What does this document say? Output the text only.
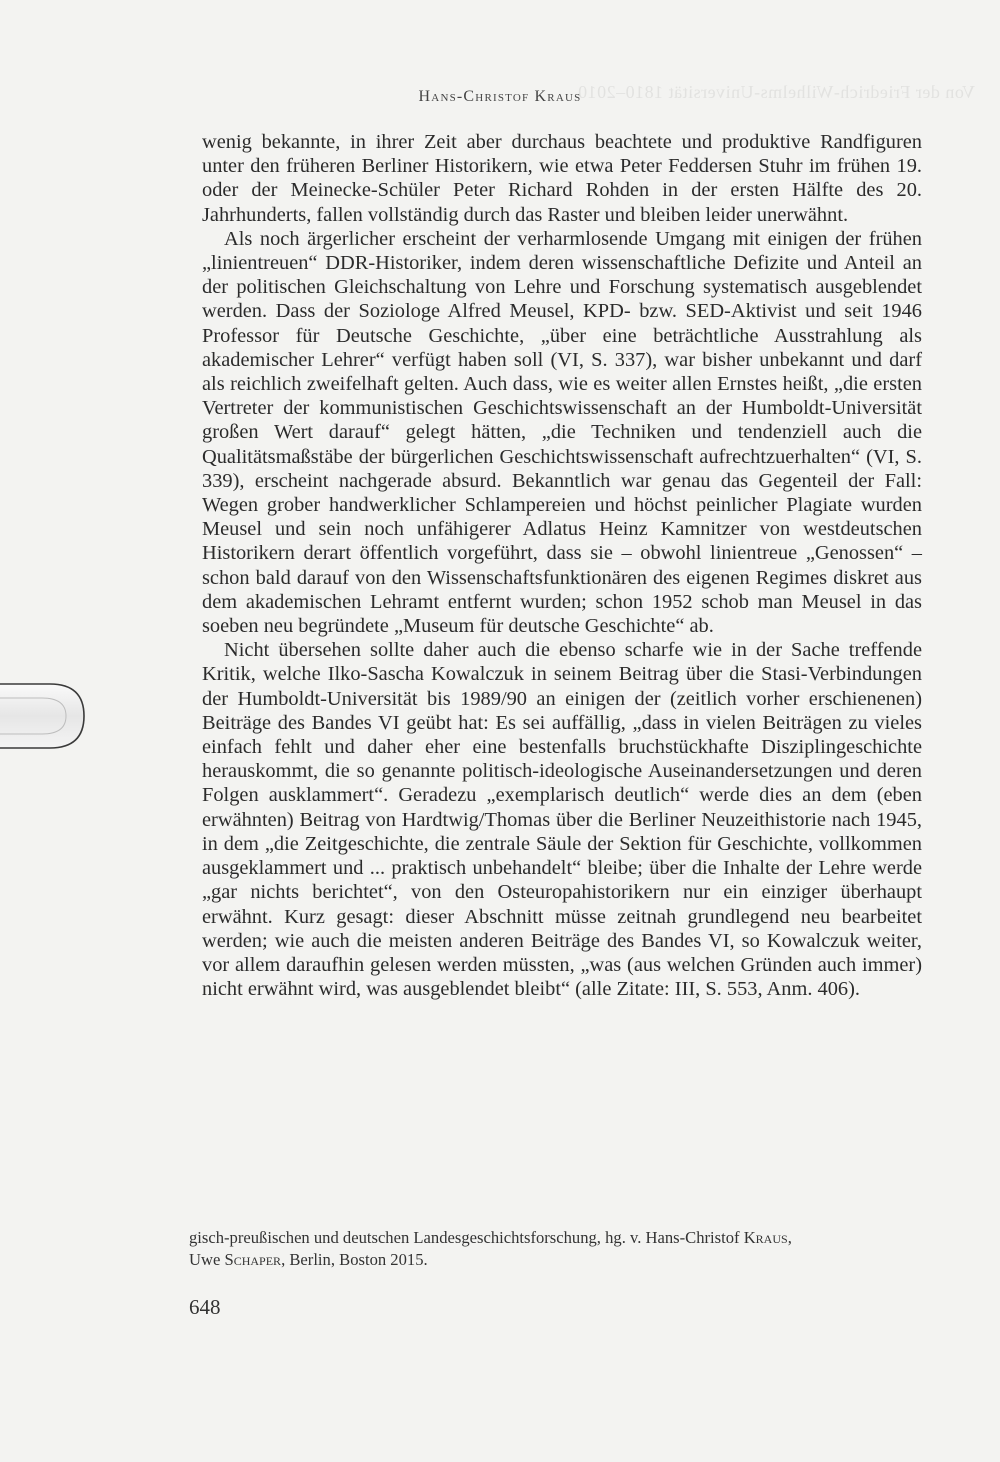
Von der Friedrich-Wilhelms-Universität 1810–2010
Hans-Christof Kraus

wenig bekannte, in ihrer Zeit aber durchaus beachtete und produktive Randfiguren unter den früheren Berliner Historikern, wie etwa Peter Feddersen Stuhr im frühen 19. oder der Meinecke-Schüler Peter Richard Rohden in der ersten Hälfte des 20. Jahrhunderts, fallen vollständig durch das Raster und bleiben leider unerwähnt.

Als noch ärgerlicher erscheint der verharmlosende Umgang mit einigen der frühen „linientreuen“ DDR-Historiker, indem deren wissenschaftliche Defizite und Anteil an der politischen Gleichschaltung von Lehre und Forschung systematisch ausgeblendet werden. Dass der Soziologe Alfred Meusel, KPD- bzw. SED-Aktivist und seit 1946 Professor für Deutsche Geschichte, „über eine beträchtliche Ausstrahlung als akademischer Lehrer“ verfügt haben soll (VI, S. 337), war bisher unbekannt und darf als reichlich zweifelhaft gelten. Auch dass, wie es weiter allen Ernstes heißt, „die ersten Vertreter der kommunistischen Geschichtswissenschaft an der Humboldt-Universität großen Wert darauf“ gelegt hätten, „die Techniken und tendenziell auch die Qualitätsmaßstäbe der bürgerlichen Geschichtswissenschaft aufrechtzuerhalten“ (VI, S. 339), erscheint nachgerade absurd. Bekanntlich war genau das Gegenteil der Fall: Wegen grober handwerklicher Schlampereien und höchst peinlicher Plagiate wurden Meusel und sein noch unfähigerer Adlatus Heinz Kamnitzer von westdeutschen Historikern derart öffentlich vorgeführt, dass sie – obwohl linientreue „Genossen“ – schon bald darauf von den Wissenschaftsfunktionären des eigenen Regimes diskret aus dem akademischen Lehramt entfernt wurden; schon 1952 schob man Meusel in das soeben neu begründete „Museum für deutsche Geschichte“ ab.

Nicht übersehen sollte daher auch die ebenso scharfe wie in der Sache treffende Kritik, welche Ilko-Sascha Kowalczuk in seinem Beitrag über die Stasi-Verbindungen der Humboldt-Universität bis 1989/90 an einigen der (zeitlich vorher erschienenen) Beiträge des Bandes VI geübt hat: Es sei auffällig, „dass in vielen Beiträgen zu vieles einfach fehlt und daher eher eine bestenfalls bruchstückhafte Disziplingeschichte herauskommt, die so genannte politisch-ideologische Auseinandersetzungen und deren Folgen ausklammert“. Geradezu „exemplarisch deutlich“ werde dies an dem (eben erwähnten) Beitrag von Hardtwig/Thomas über die Berliner Neuzeithistorie nach 1945, in dem „die Zeitgeschichte, die zentrale Säule der Sektion für Geschichte, vollkommen ausgeklammert und ... praktisch unbehandelt“ bleibe; über die Inhalte der Lehre werde „gar nichts berichtet“, von den Osteuropahistorikern nur ein einziger überhaupt erwähnt. Kurz gesagt: dieser Abschnitt müsse zeitnah grundlegend neu bearbeitet werden; wie auch die meisten anderen Beiträge des Bandes VI, so Kowalczuk weiter, vor allem daraufhin gelesen werden müssten, „was (aus welchen Gründen auch immer) nicht erwähnt wird, was ausgeblendet bleibt“ (alle Zitate: III, S. 553, Anm. 406).

gisch-preußischen und deutschen Landesgeschichtsforschung, hg. v. Hans-Christof Kraus,
Uwe Schaper, Berlin, Boston 2015.
648
